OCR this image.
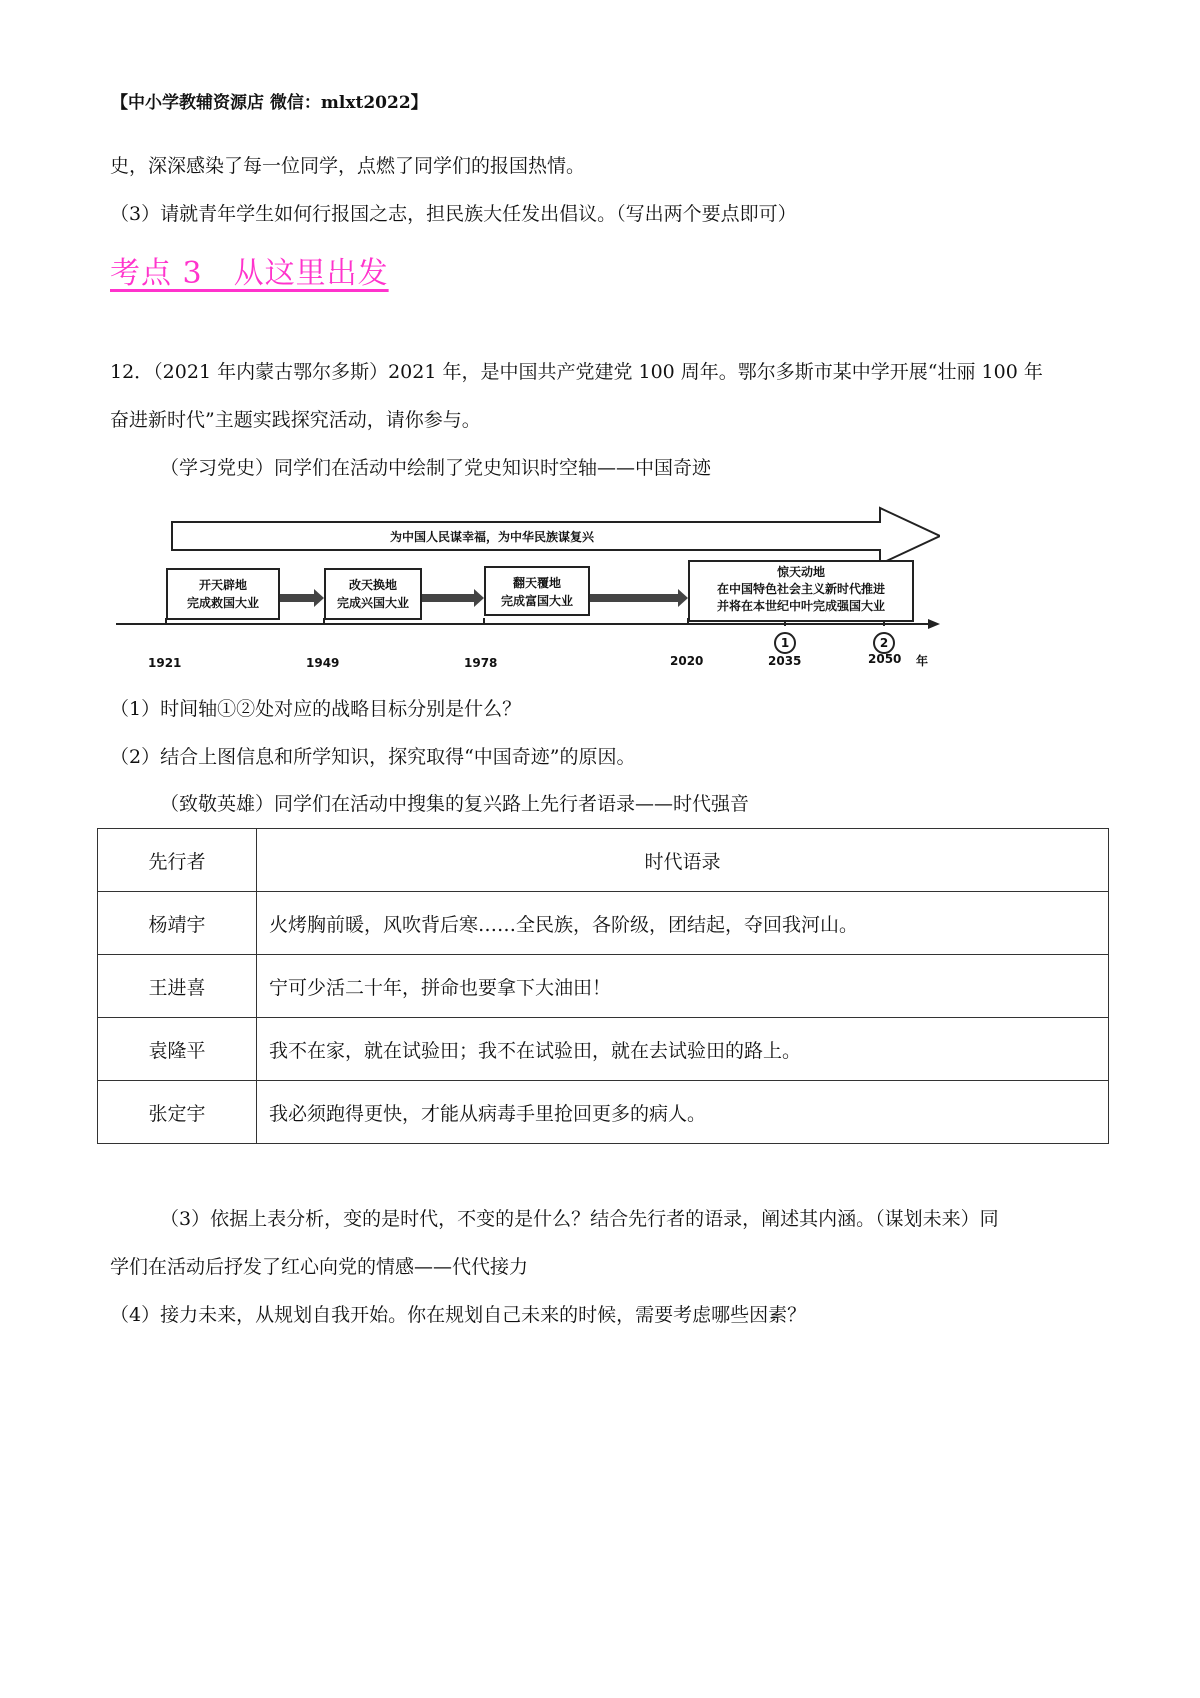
【中小学教辅资源店 微信：mlxt2022】
史，深深感染了每一位同学，点燃了同学们的报国热情。
（3）请就青年学生如何行报国之志，担民族大任发出倡议。（写出两个要点即可）
考点 3　从这里出发
12．（2021 年内蒙古鄂尔多斯）2021 年，是中国共产党建党 100 周年。鄂尔多斯市某中学开展“壮丽 100 年
奋进新时代”主题实践探究活动，请你参与。
（学习党史）同学们在活动中绘制了党史知识时空轴——中国奇迹
为中国人民谋幸福，为中华民族谋复兴
开天辟地
完成救国大业
改天换地
完成兴国大业
翻天覆地
完成富国大业
惊天动地
在中国特色社会主义新时代推进
并将在本世纪中叶完成强国大业
1	2
1921	1949	1978	2020	2035	2050 年
（1）时间轴①②处对应的战略目标分别是什么？
（2）结合上图信息和所学知识，探究取得“中国奇迹”的原因。
（致敬英雄）同学们在活动中搜集的复兴路上先行者语录——时代强音
先行者	时代语录
杨靖宇	火烤胸前暖，风吹背后寒……全民族，各阶级，团结起，夺回我河山。
王进喜	宁可少活二十年，拼命也要拿下大油田！
袁隆平	我不在家，就在试验田；我不在试验田，就在去试验田的路上。
张定宇	我必须跑得更快，才能从病毒手里抢回更多的病人。
（3）依据上表分析，变的是时代，不变的是什么？结合先行者的语录，阐述其内涵。（谋划未来）同
学们在活动后抒发了红心向党的情感——代代接力
（4）接力未来，从规划自我开始。你在规划自己未来的时候，需要考虑哪些因素？
